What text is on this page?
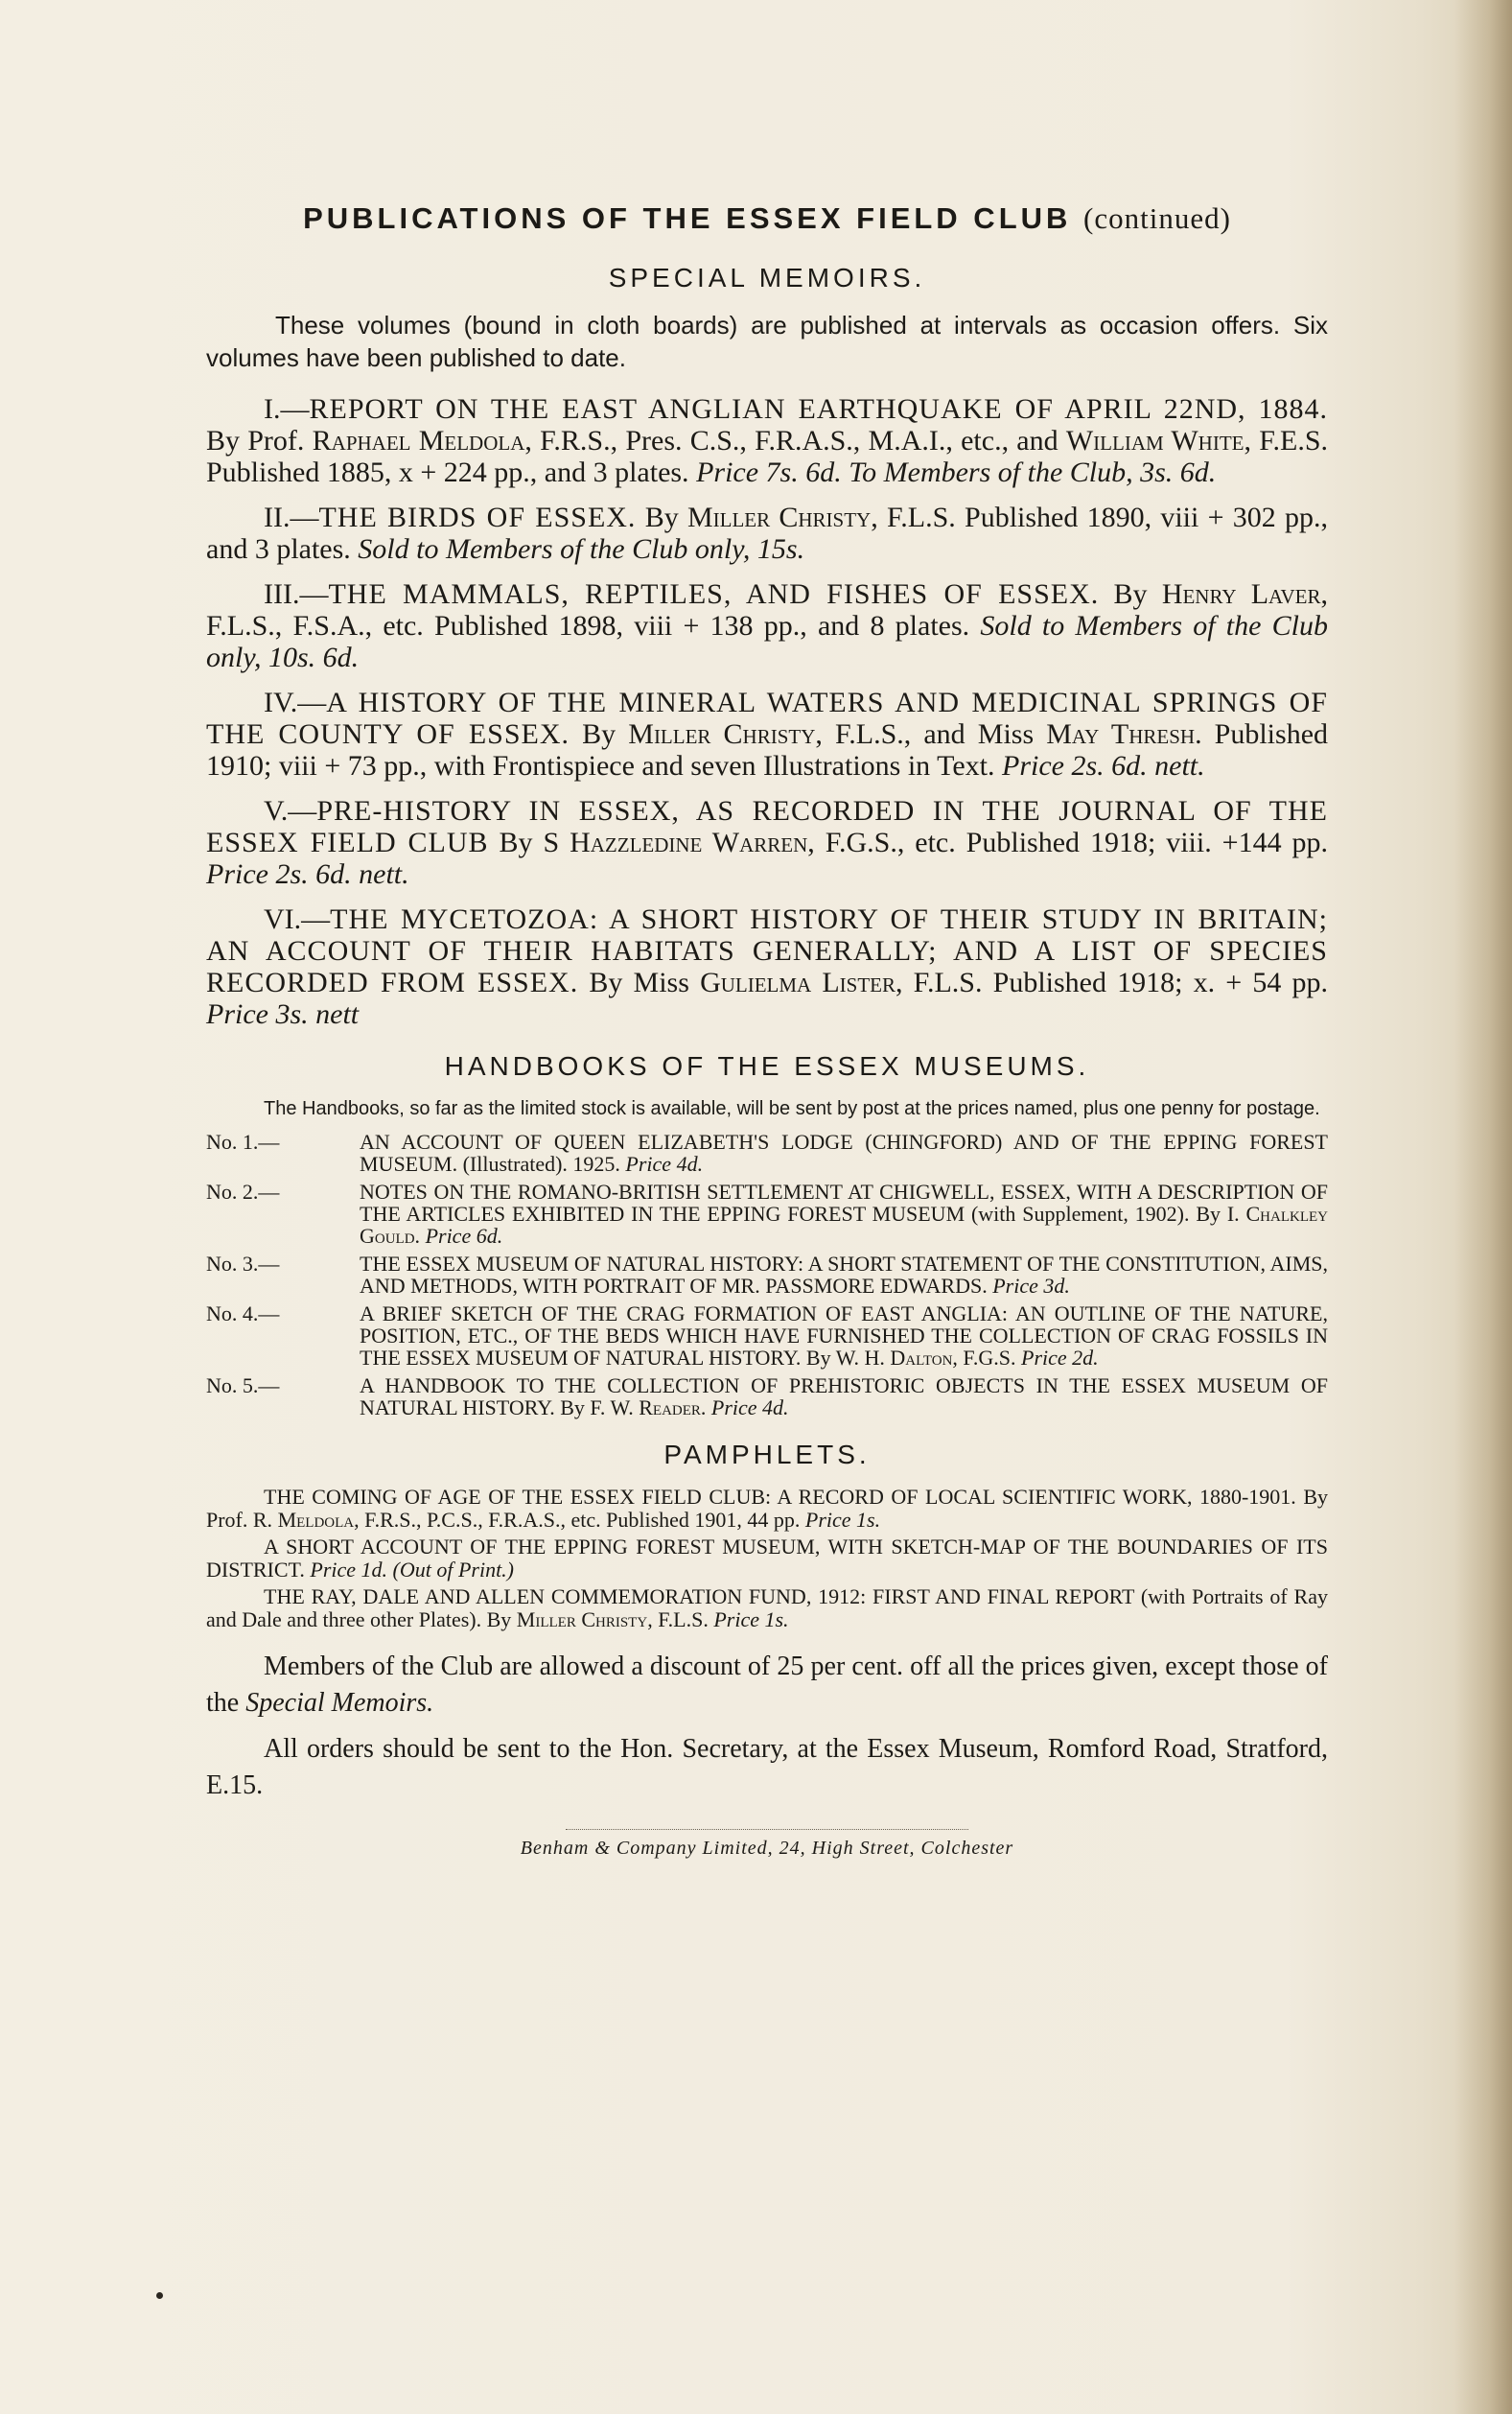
PUBLICATIONS OF THE ESSEX FIELD CLUB (continued)
SPECIAL MEMOIRS.

These volumes (bound in cloth boards) are published at intervals as occasion offers. Six volumes have been published to date.

I.—REPORT ON THE EAST ANGLIAN EARTHQUAKE OF APRIL 22ND, 1884. By Prof. Raphael Meldola, F.R.S., Pres. C.S., F.R.A.S., M.A.I., etc., and William White, F.E.S. Published 1885, x + 224 pp., and 3 plates. Price 7s. 6d. To Members of the Club, 3s. 6d.

II.—THE BIRDS OF ESSEX. By Miller Christy, F.L.S. Published 1890, viii + 302 pp., and 3 plates. Sold to Members of the Club only, 15s.

III.—THE MAMMALS, REPTILES, AND FISHES OF ESSEX. By Henry Laver, F.L.S., F.S.A., etc. Published 1898, viii + 138 pp., and 8 plates. Sold to Members of the Club only, 10s. 6d.

IV.—A HISTORY OF THE MINERAL WATERS AND MEDICINAL SPRINGS OF THE COUNTY OF ESSEX. By Miller Christy, F.L.S., and Miss May Thresh. Published 1910; viii + 73 pp., with Frontispiece and seven Illustrations in Text. Price 2s. 6d. nett.

V.—PRE-HISTORY IN ESSEX, AS RECORDED IN THE JOURNAL OF THE ESSEX FIELD CLUB By S Hazzledine Warren, F.G.S., etc. Published 1918; viii. +144 pp. Price 2s. 6d. nett.

VI.—THE MYCETOZOA: A SHORT HISTORY OF THEIR STUDY IN BRITAIN; AN ACCOUNT OF THEIR HABITATS GENERALLY; AND A LIST OF SPECIES RECORDED FROM ESSEX. By Miss Gulielma Lister, F.L.S. Published 1918; x. + 54 pp. Price 3s. nett

HANDBOOKS OF THE ESSEX MUSEUMS.

The Handbooks, so far as the limited stock is available, will be sent by post at the prices named, plus one penny for postage.

No. 1.—	AN ACCOUNT OF QUEEN ELIZABETH'S LODGE (CHINGFORD) AND OF THE EPPING FOREST MUSEUM. (Illustrated). 1925. Price 4d.

No. 2.—	NOTES ON THE ROMANO-BRITISH SETTLEMENT AT CHIGWELL, ESSEX, WITH A DESCRIPTION OF THE ARTICLES EXHIBITED IN THE EPPING FOREST MUSEUM (with Supplement, 1902). By I. Chalkley Gould. Price 6d.

No. 3.—	THE ESSEX MUSEUM OF NATURAL HISTORY: A SHORT STATEMENT OF THE CONSTITUTION, AIMS, AND METHODS, WITH PORTRAIT OF MR. PASSMORE EDWARDS. Price 3d.

No. 4.—	A BRIEF SKETCH OF THE CRAG FORMATION OF EAST ANGLIA: AN OUTLINE OF THE NATURE, POSITION, ETC., OF THE BEDS WHICH HAVE FURNISHED THE COLLECTION OF CRAG FOSSILS IN THE ESSEX MUSEUM OF NATURAL HISTORY. By W. H. Dalton, F.G.S. Price 2d.

No. 5.—	A HANDBOOK TO THE COLLECTION OF PREHISTORIC OBJECTS IN THE ESSEX MUSEUM OF NATURAL HISTORY. By F. W. Reader. Price 4d.

PAMPHLETS.

THE COMING OF AGE OF THE ESSEX FIELD CLUB: A RECORD OF LOCAL SCIENTIFIC WORK, 1880-1901. By Prof. R. Meldola, F.R.S., P.C.S., F.R.A.S., etc. Published 1901, 44 pp. Price 1s.

A SHORT ACCOUNT OF THE EPPING FOREST MUSEUM, WITH SKETCH-MAP OF THE BOUNDARIES OF ITS DISTRICT. Price 1d. (Out of Print.)

THE RAY, DALE AND ALLEN COMMEMORATION FUND, 1912: FIRST AND FINAL REPORT (with Portraits of Ray and Dale and three other Plates). By Miller Christy, F.L.S. Price 1s.

Members of the Club are allowed a discount of 25 per cent. off all the prices given, except those of the Special Memoirs.

All orders should be sent to the Hon. Secretary, at the Essex Museum, Romford Road, Stratford, E.15.

Benham & Company Limited, 24, High Street, Colchester
